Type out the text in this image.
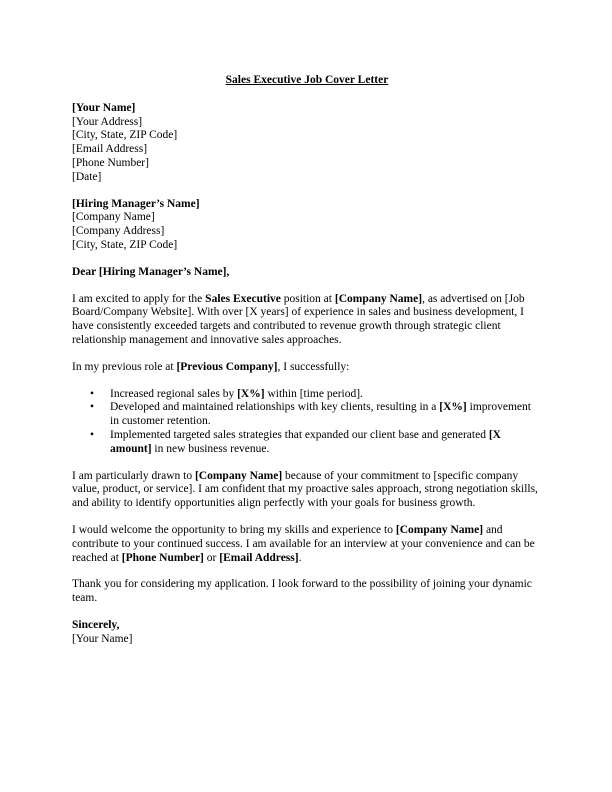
Sales Executive Job Cover Letter
[Your Name]
[Your Address]
[City, State, ZIP Code]
[Email Address]
[Phone Number]
[Date]
[Hiring Manager’s Name]
[Company Name]
[Company Address]
[City, State, ZIP Code]

Dear [Hiring Manager’s Name],

I am excited to apply for the Sales Executive position at [Company Name], as advertised on [Job Board/Company Website]. With over [X years] of experience in sales and business development, I have consistently exceeded targets and contributed to revenue growth through strategic client relationship management and innovative sales approaches.

In my previous role at [Previous Company], I successfully:

• Increased regional sales by [X%] within [time period].
• Developed and maintained relationships with key clients, resulting in a [X%] improvement in customer retention.
• Implemented targeted sales strategies that expanded our client base and generated [X amount] in new business revenue.

I am particularly drawn to [Company Name] because of your commitment to [specific company value, product, or service]. I am confident that my proactive sales approach, strong negotiation skills, and ability to identify opportunities align perfectly with your goals for business growth.

I would welcome the opportunity to bring my skills and experience to [Company Name] and contribute to your continued success. I am available for an interview at your convenience and can be reached at [Phone Number] or [Email Address].

Thank you for considering my application. I look forward to the possibility of joining your dynamic team.

Sincerely,
[Your Name]
